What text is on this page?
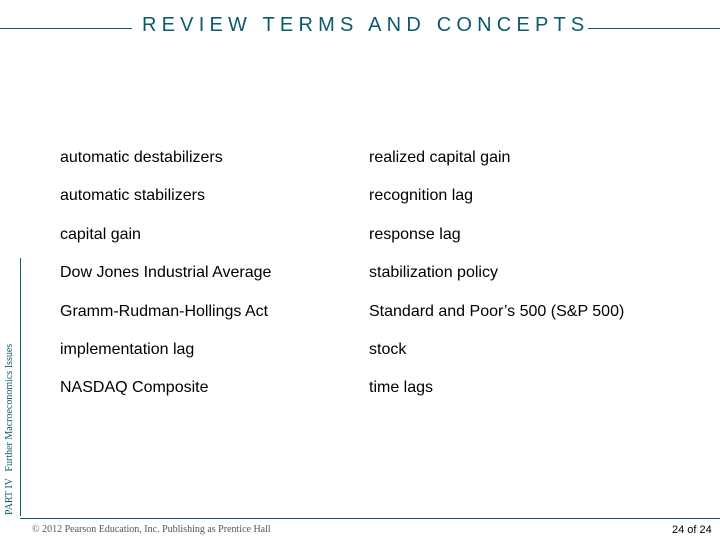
REVIEW TERMS AND CONCEPTS
PART IV Further Macroeconomics Issues
automatic destabilizers
automatic stabilizers
capital gain
Dow Jones Industrial Average
Gramm-Rudman-Hollings Act
implementation lag
NASDAQ Composite
realized capital gain
recognition lag
response lag
stabilization policy
Standard and Poor’s 500 (S&P 500)
stock
time lags
© 2012 Pearson Education, Inc. Publishing as Prentice Hall	24 of 24
